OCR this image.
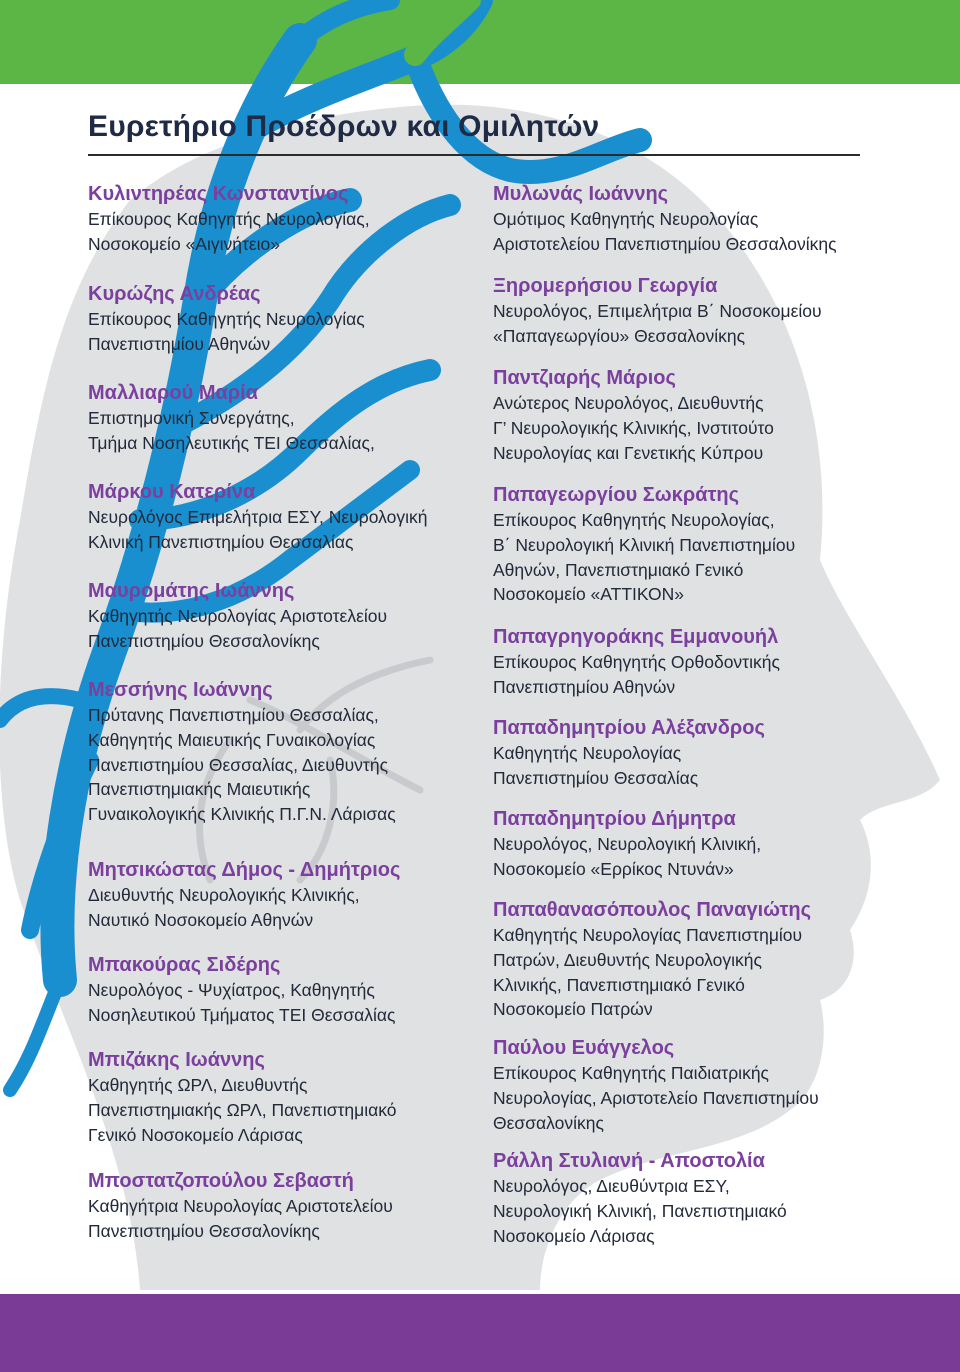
Ευρετήριο Προέδρων και Ομιλητών
Κυλιντηρέας Κωνσταντίνος
Επίκουρος Καθηγητής Νευρολογίας,
Νοσοκομείο «Αιγινήτειο»
Κυρώζης Ανδρέας
Επίκουρος Καθηγητής Νευρολογίας
Πανεπιστημίου Αθηνών
Μαλλιαρού Μαρία
Επιστημονική Συνεργάτης,
Τμήμα Νοσηλευτικής ΤΕΙ Θεσσαλίας,
Μάρκου Κατερίνα
Νευρολόγος Επιμελήτρια ΕΣΥ, Νευρολογική
Κλινική Πανεπιστημίου Θεσσαλίας
Μαυρομάτης Ιωάννης
Καθηγητής Νευρολογίας Αριστοτελείου
Πανεπιστημίου Θεσσαλονίκης
Μεσσήνης Ιωάννης
Πρύτανης Πανεπιστημίου Θεσσαλίας,
Καθηγητής Μαιευτικής Γυναικολογίας
Πανεπιστημίου Θεσσαλίας, Διευθυντής
Πανεπιστημιακής Μαιευτικής
Γυναικολογικής Κλινικής Π.Γ.Ν. Λάρισας
Μητσικώστας Δήμος - Δημήτριος
Διευθυντής Νευρολογικής Κλινικής,
Ναυτικό Νοσοκομείο Αθηνών
Μπακούρας Σιδέρης
Νευρολόγος - Ψυχίατρος, Καθηγητής
Νοσηλευτικού Τμήματος ΤΕΙ Θεσσαλίας
Μπιζάκης Ιωάννης
Καθηγητής ΩΡΛ, Διευθυντής
Πανεπιστημιακής ΩΡΛ, Πανεπιστημιακό
Γενικό Νοσοκομείο Λάρισας
Μποστατζοπούλου Σεβαστή
Καθηγήτρια Νευρολογίας Αριστοτελείου
Πανεπιστημίου Θεσσαλονίκης
Μυλωνάς Ιωάννης
Ομότιμος Καθηγητής Νευρολογίας
Αριστοτελείου Πανεπιστημίου Θεσσαλονίκης
Ξηρομερήσιου Γεωργία
Νευρολόγος, Επιμελήτρια Β΄ Νοσοκομείου
«Παπαγεωργίου» Θεσσαλονίκης
Παντζιαρής Μάριος
Ανώτερος Νευρολόγος, Διευθυντής
Γ’ Νευρολογικής Κλινικής, Ινστιτούτο
Νευρολογίας και Γενετικής Κύπρου
Παπαγεωργίου Σωκράτης
Επίκουρος Καθηγητής Νευρολογίας,
Β΄ Νευρολογική Κλινική Πανεπιστημίου
Αθηνών, Πανεπιστημιακό Γενικό
Νοσοκομείο «ΑΤΤΙΚΟΝ»
Παπαγρηγοράκης Εμμανουήλ
Επίκουρος Καθηγητής Ορθοδοντικής
Πανεπιστημίου Αθηνών
Παπαδημητρίου Αλέξανδρος
Καθηγητής Νευρολογίας
Πανεπιστημίου Θεσσαλίας
Παπαδημητρίου Δήμητρα
Νευρολόγος, Νευρολογική Κλινική,
Νοσοκομείο «Ερρίκος Ντυνάν»
Παπαθανασόπουλος Παναγιώτης
Καθηγητής Νευρολογίας Πανεπιστημίου
Πατρών, Διευθυντής Νευρολογικής
Κλινικής, Πανεπιστημιακό Γενικό
Νοσοκομείο Πατρών
Παύλου Ευάγγελος
Επίκουρος Καθηγητής Παιδιατρικής
Νευρολογίας, Αριστοτελείο Πανεπιστημίου
Θεσσαλονίκης
Ράλλη Στυλιανή - Αποστολία
Νευρολόγος, Διευθύντρια ΕΣΥ,
Νευρολογική Κλινική, Πανεπιστημιακό
Νοσοκομείο Λάρισας
